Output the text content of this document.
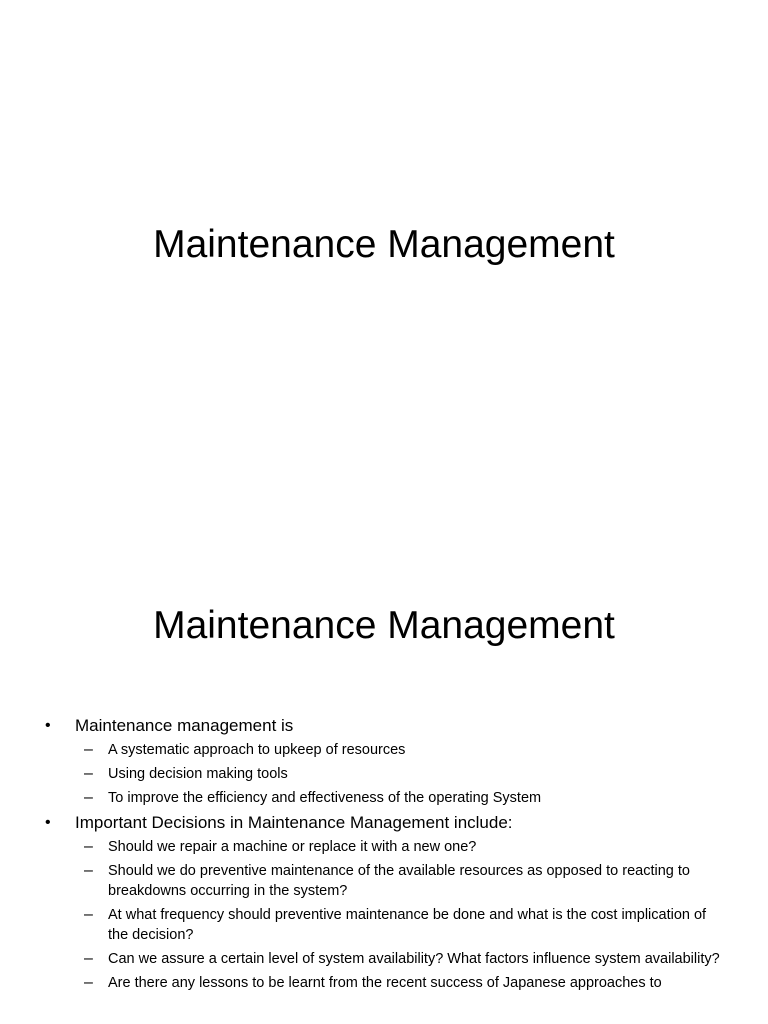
Maintenance Management
Maintenance Management
• Maintenance management is
– A systematic approach to upkeep of resources
– Using decision making tools
– To improve the efficiency and effectiveness of the operating System
• Important Decisions in Maintenance Management include:
– Should we repair a machine or replace it with a new one?
– Should we do preventive maintenance of the available resources as opposed to reacting to breakdowns occurring in the system?
– At what frequency should preventive maintenance be done and what is the cost implication of the decision?
– Can we assure a certain level of system availability? What factors influence system availability?
– Are there any lessons to be learnt from the recent success of Japanese approaches to
